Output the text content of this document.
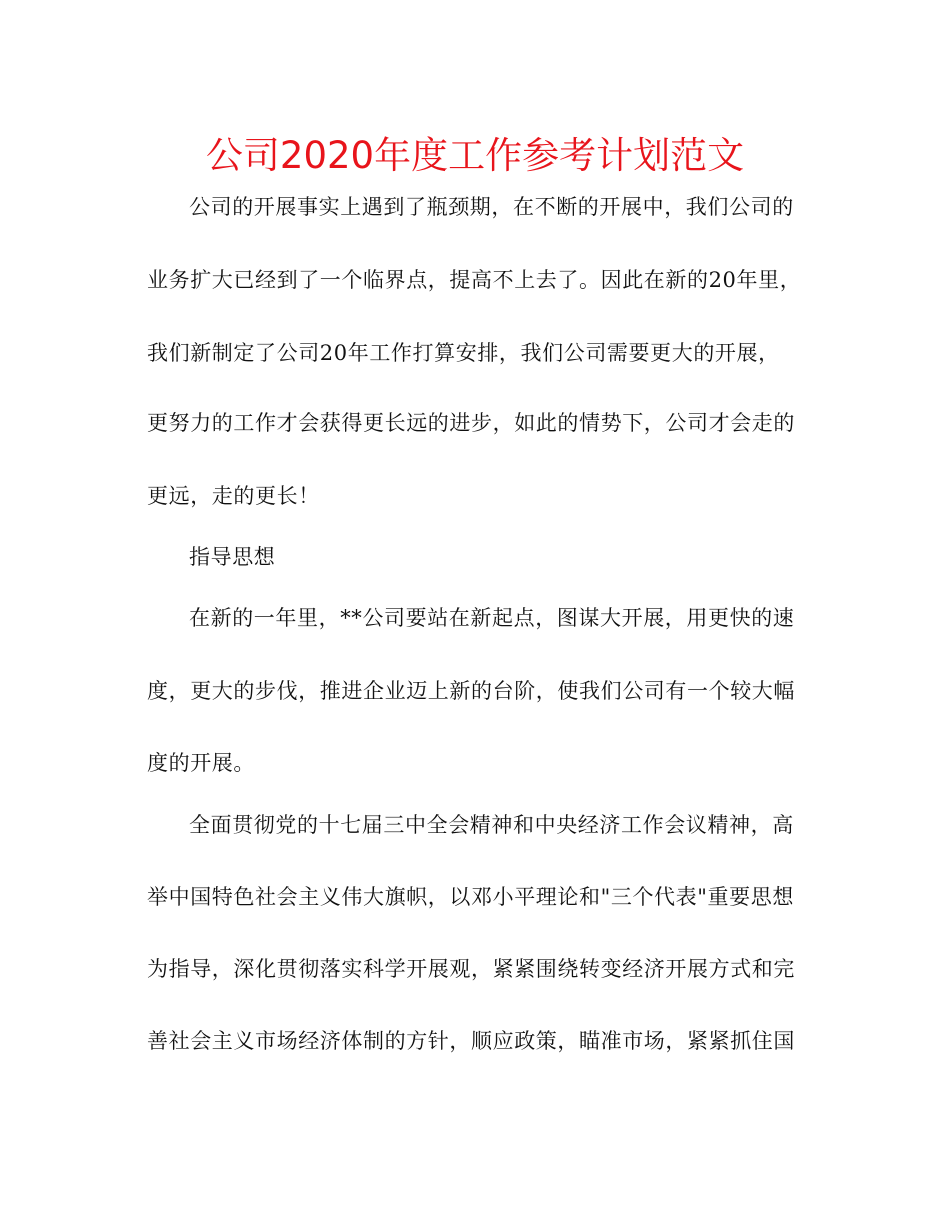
公司2020年度工作参考计划范文
公司的开展事实上遇到了瓶颈期，在不断的开展中，我们公司的
业务扩大已经到了一个临界点，提高不上去了。因此在新的20年里，
我们新制定了公司20年工作打算安排，我们公司需要更大的开展，
更努力的工作才会获得更长远的进步，如此的情势下，公司才会走的
更远，走的更长！
指导思想
在新的一年里，**公司要站在新起点，图谋大开展，用更快的速
度，更大的步伐，推进企业迈上新的台阶，使我们公司有一个较大幅
度的开展。
全面贯彻党的十七届三中全会精神和中央经济工作会议精神，高
举中国特色社会主义伟大旗帜，以邓小平理论和"三个代表"重要思想
为指导，深化贯彻落实科学开展观，紧紧围绕转变经济开展方式和完
善社会主义市场经济体制的方针，顺应政策，瞄准市场，紧紧抓住国
